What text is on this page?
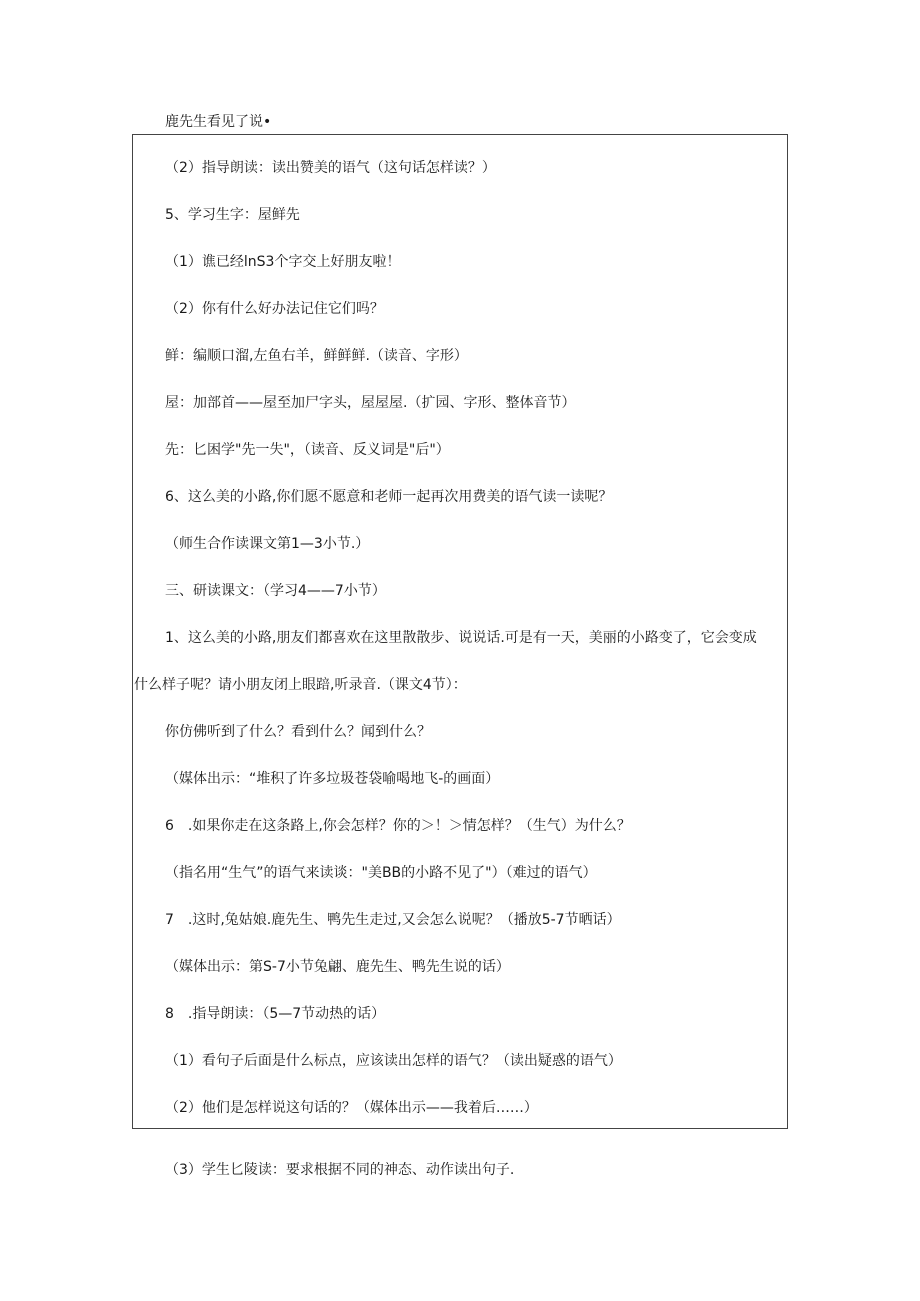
鹿先生看见了说•
（2）指导朗读：读出赞美的语气（这句话怎样读？）
5、学习生字：屋鲜先
（1）谯已经lnS3个字交上好朋友啦！
（2）你有什么好办法记住它们吗？
鲜：编顺口溜,左鱼右羊，鲜鲜鲜.（读音、字形）
屋：加部首——屋至加尸字头，屋屋屋.（扩园、字形、整体音节）
先：匕困学"先一失"，（读音、反义词是"后"）
6、这么美的小路,你们愿不愿意和老师一起再次用费美的语气读一读呢？
（师生合作读课文第1—3小节.）
三、研读课文：（学习4——7小节）
1、这么美的小路,朋友们都喜欢在这里散散步、说说话.可是有一天，美丽的小路变了，它会变成
什么样子呢？请小朋友闭上眼踣,听录音.（课文4节）：
你仿佛听到了什么？看到什么？闻到什么？
（媒体出示：“堆积了许多垃圾苍袋喻喝地飞-的画面）
6　.如果你走在这条路上,你会怎样？你的＞！＞情怎样？（生气）为什么？
（指名用“生气”的语气来读谈："美BB的小路不见了"）（难过的语气）
7　.这时,兔姑娘.鹿先生、鸭先生走过,又会怎么说呢？（播放5-7节晒话）
（媒体出示：第S-7小节兔翩、鹿先生、鸭先生说的话）
8　.指导朗读：（5—7节动热的话）
（1）看句子后面是什么标点，应该读出怎样的语气？（读出疑惑的语气）
（2）他们是怎样说这句话的？（媒体出示——我着后……）
（3）学生匕陵读：要求根据不同的神态、动作读出句子.
